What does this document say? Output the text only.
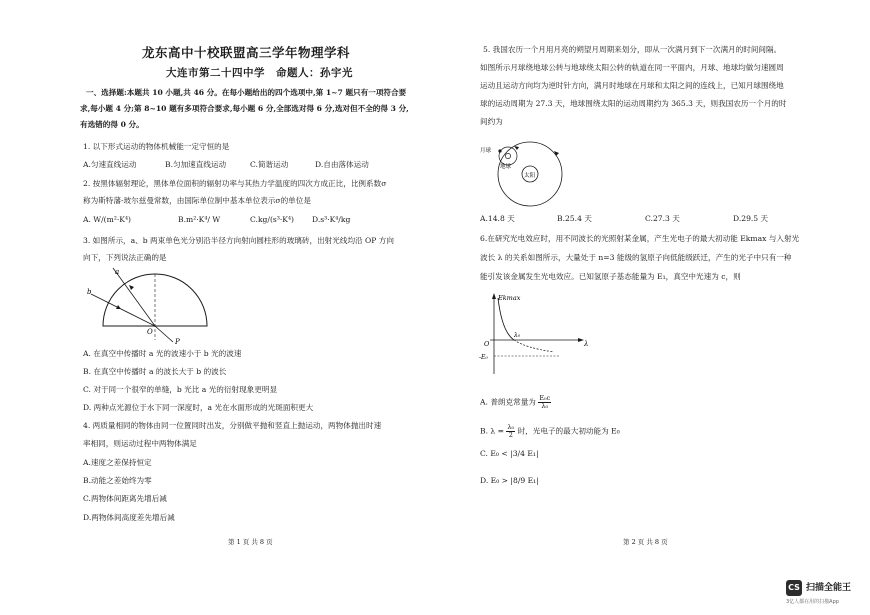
龙东高中十校联盟高三学年物理学科
大连市第二十四中学　命题人：孙宇光
一、选择题:本题共 10 小题,共 46 分。在每小题给出的四个选项中,第 1~7 题只有一项符合要
求,每小题 4 分;第 8~10 题有多项符合要求,每小题 6 分,全部选对得 6 分,选对但不全的得 3 分,
有选错的得 0 分。
1. 以下形式运动的物体机械能一定守恒的是
A.匀速直线运动	B.匀加速直线运动	C.简谐运动	D.自由落体运动
2. 按黑体辐射理论，黑体单位面积的辐射功率与其热力学温度的四次方成正比，比例系数σ
称为斯特藩-玻尔兹曼常数，由国际单位制中基本单位表示σ的单位是
A. W/(m²·K⁴)	B.m²·K⁴/ W	C.kg/(s³·K⁴) D.s³·K⁴/kg
3. 如图所示，a、b 两束单色光分别沿半径方向射向圆柱形的玻璃砖，出射光线均沿 OP 方向
向下，下列说法正确的是
a
b
O
P
A. 在真空中传播时 a 光的波速小于 b 光的波速
B. 在真空中传播时 a 的波长大于 b 的波长
C. 对于同一个很窄的单缝，b 光比 a 光的衍射现象更明显
D. 两种点光源位于水下同一深度时，a 光在水面形成的光斑面积更大
4. 两质量相同的物体由同一位置同时出发，分别做平抛和竖直上抛运动，两物体抛出时速
率相同，则运动过程中两物体满足
A.速度之差保持恒定
B.动能之差始终为零
C.两物体间距离先增后减
D.两物体间高度差先增后减
第 1 页 共 8 页
5. 我国农历一个月用月亮的朔望月周期来划分，即从一次满月到下一次满月的时间间隔。
如图所示月球绕地球公转与地球绕太阳公转的轨道在同一平面内，月球、地球均做匀速圆周
运动且运动方向均为逆时针方向，满月时地球在月球和太阳之间的连线上，已知月球围绕地
球的运动周期为 27.3 天，地球围绕太阳的运动周期约为 365.3 天，则我国农历一个月的时
间约为
月球
地球
太阳
A.14.8 天	B.25.4 天	C.27.3 天	D.29.5 天
6.在研究光电效应时，用不同波长的光照射某金属，产生光电子的最大初动能 Ekmax 与入射光
波长 λ 的关系如图所示，大量处于 n=3 能级的氢原子向低能级跃迁，产生的光子中只有一种
能引发该金属发生光电效应。已知氢原子基态能量为 E₁，真空中光速为 c，则
Ekmax
λ
O
λ₀
-E₀
A. 普朗克常量为 $\frac{\text{E₀c}}{\text{λ₀}}$
B. $\lambda = \frac{\text{λ₀}}{2}$ 时，光电子的最大初动能为 E₀
C. E₀ < |3/4 E₁|
D. E₀ > |8/9 E₁|
第 2 页 共 8 页
CS 扫描全能王
3亿人都在用的扫描App
